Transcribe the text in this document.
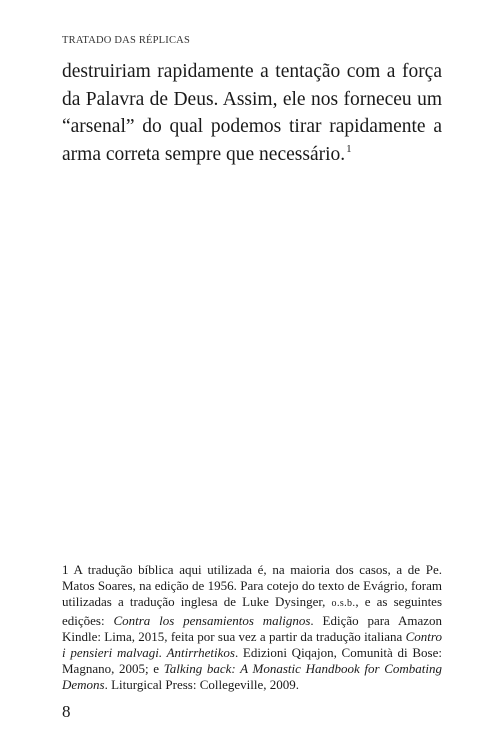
TRATADO DAS RÉPLICAS

destruiriam rapidamente a tentação com a força da Palavra de Deus. Assim, ele nos forneceu um “arsenal” do qual podemos tirar rapidamente a arma correta sempre que necessário.$^1$

1 A tradução bíblica aqui utilizada é, na maioria dos casos, a de Pe. Matos Soares, na edição de 1956. Para cotejo do texto de Evágrio, foram utilizadas a tradução inglesa de Luke Dysinger, o.s.b., e as seguintes edições: Contra los pensamientos malignos. Edição para Amazon Kindle: Lima, 2015, feita por sua vez a partir da tradução italiana Contro i pensieri malvagi. Antirrhetikos. Edizioni Qiqajon, Comunità di Bose: Magnano, 2005; e Talking back: A Monastic Handbook for Combating Demons. Liturgical Press: Collegeville, 2009.

8
